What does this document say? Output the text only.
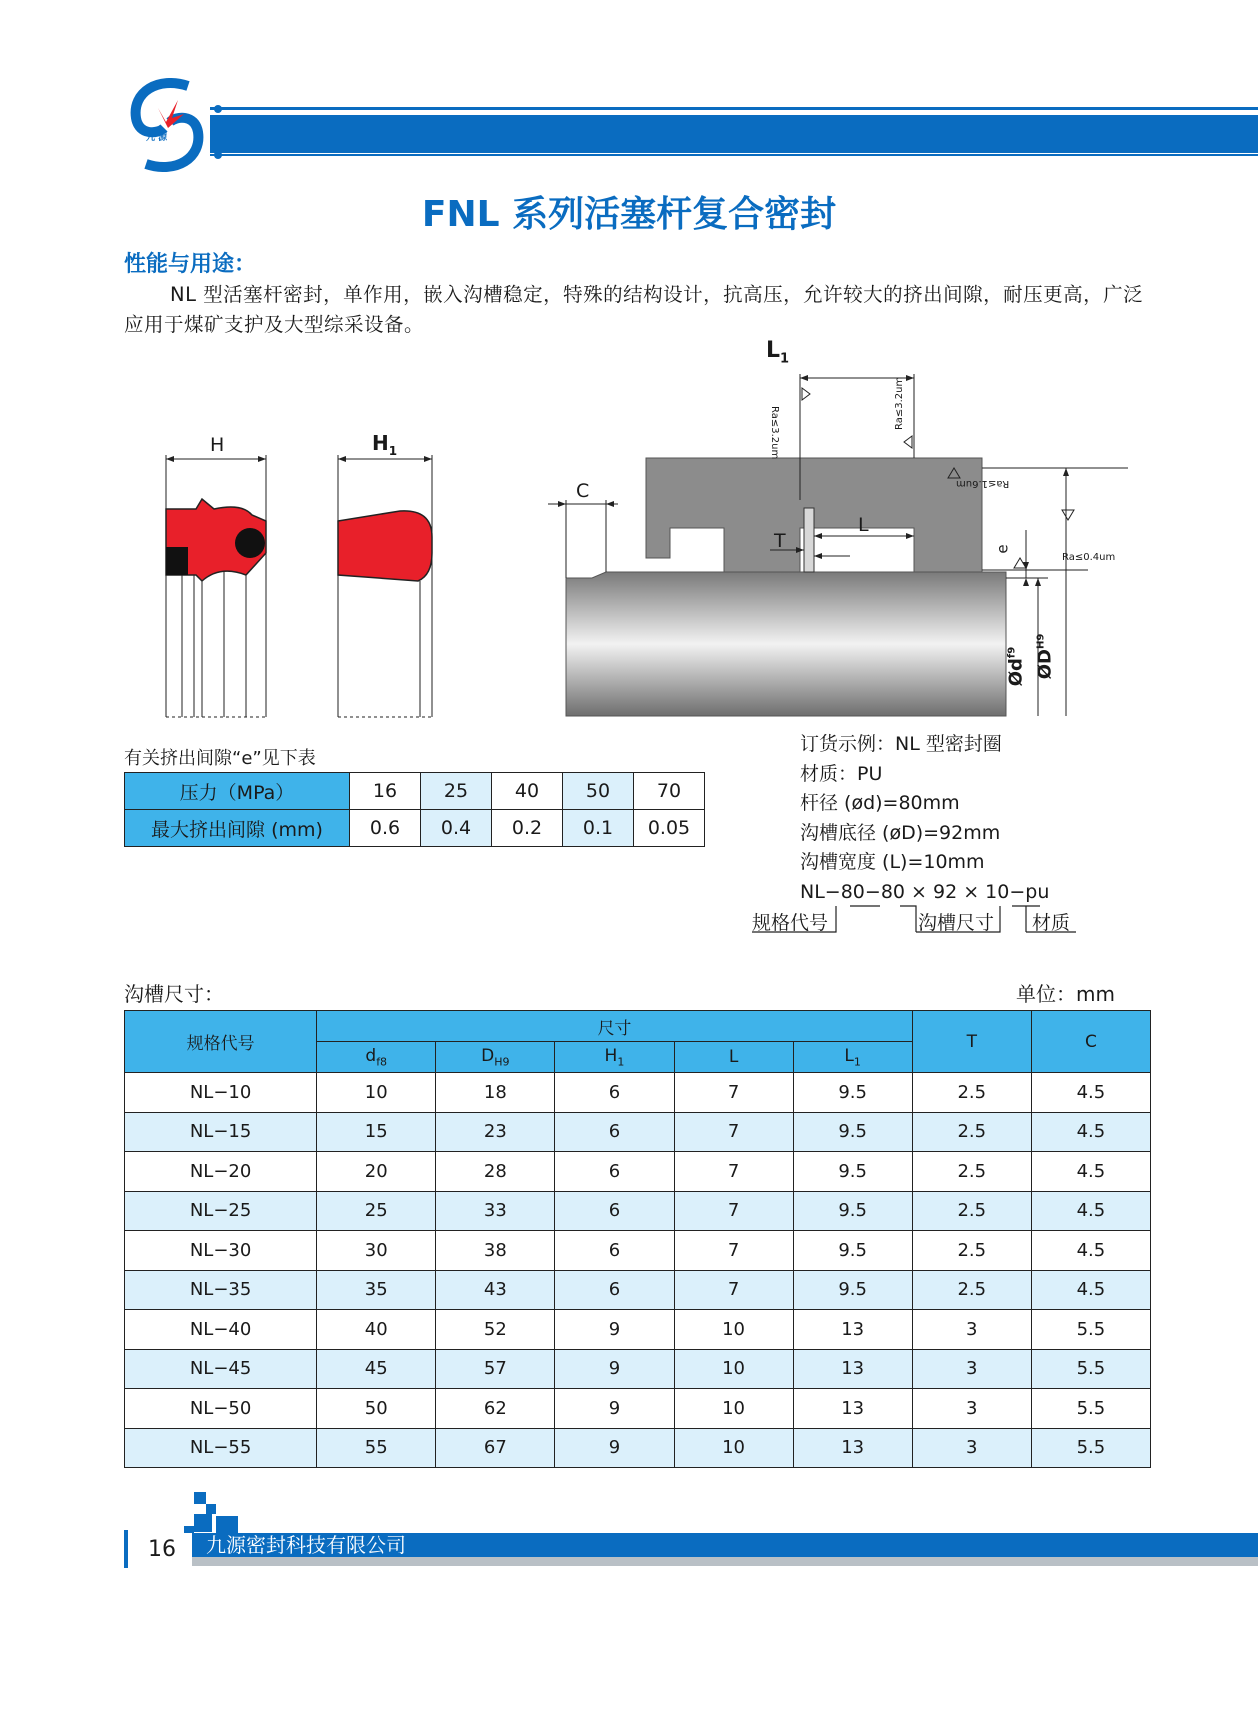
九 源
FNL 系列活塞杆复合密封
性能与用途：
NL 型活塞杆密封，单作用，嵌入沟槽稳定，特殊的结构设计，抗高压，允许较大的挤出间隙，耐压更高，广泛应用于煤矿支护及大型综采设备。
H	$H_1$
$L_1$
L
T
C
e
Ra≤3.2um
Ra≤3.2um
Ra≤1.6um
Ra≤0.4um
$Ød^{f9}$ $ØD^{H9}$
有关挤出间隙“e”见下表
压力（MPa）	16	25	40	50	70
最大挤出间隙 (mm)	0.6	0.4	0.2	0.1	0.05
订货示例：NL 型密封圈
材质：PU
杆径 (ød)=80mm
沟槽底径 (øD)=92mm
沟槽宽度 (L)=10mm
NL−80−80 × 92 × 10−pu
规格代号	沟槽尺寸 材质
沟槽尺寸：	单位：mm
规格代号	尺寸					T	C
	$d_{f8}$	$D_{H9}$	$H_1$	L	$L_1$
NL−10	10	18	6	7	9.5	2.5	4.5
NL−15	15	23	6	7	9.5	2.5	4.5
NL−20	20	28	6	7	9.5	2.5	4.5
NL−25	25	33	6	7	9.5	2.5	4.5
NL−30	30	38	6	7	9.5	2.5	4.5
NL−35	35	43	6	7	9.5	2.5	4.5
NL−40	40	52	9	10	13	3	5.5
NL−45	45	57	9	10	13	3	5.5
NL−50	50	62	9	10	13	3	5.5
NL−55	55	67	9	10	13	3	5.5
16 九源密封科技有限公司
